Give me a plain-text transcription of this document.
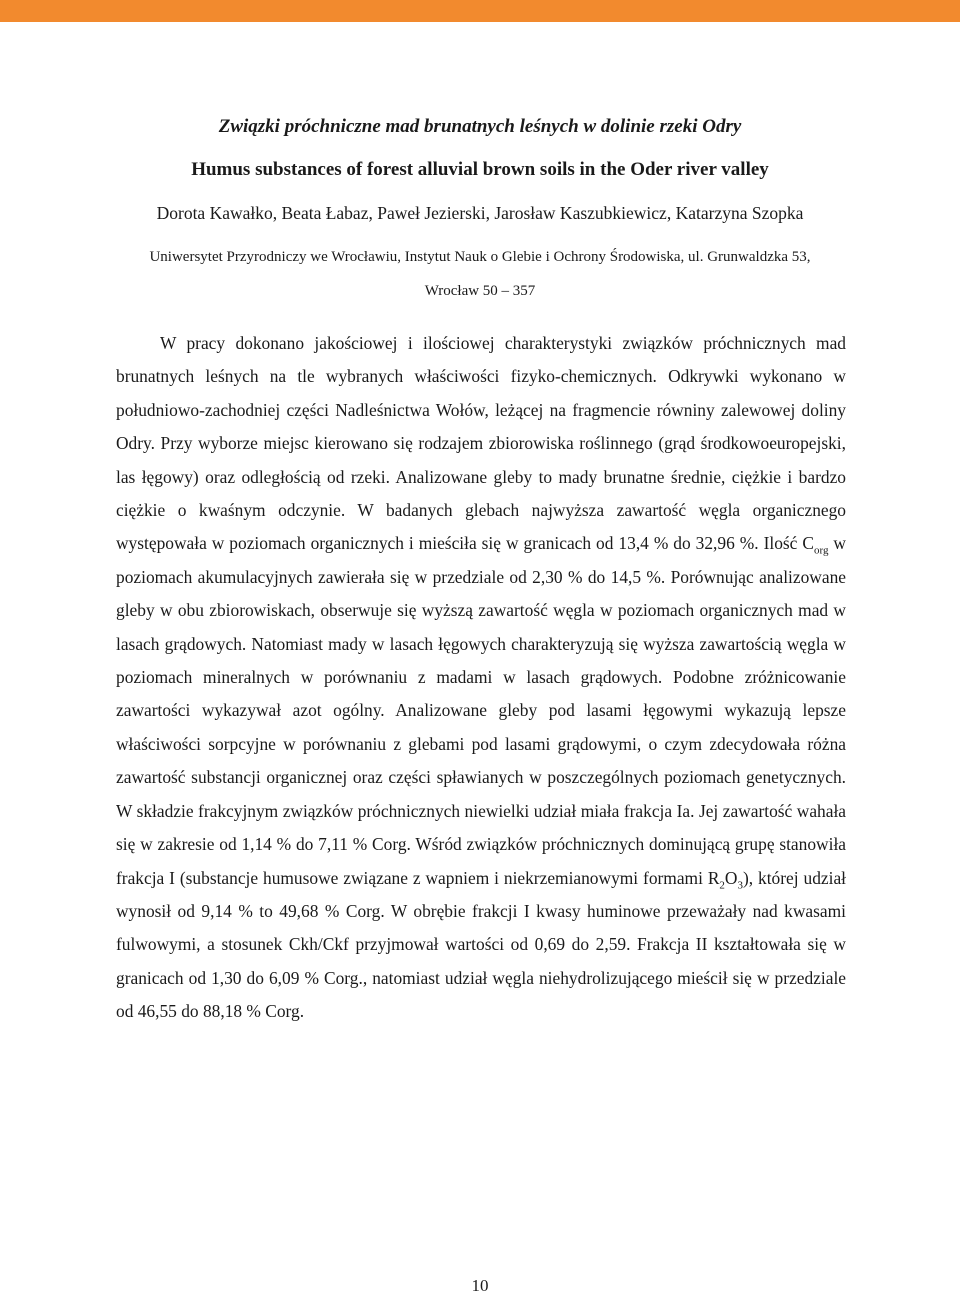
Związki próchniczne mad brunatnych leśnych w dolinie rzeki Odry
Humus substances of forest alluvial brown soils in the Oder river valley
Dorota Kawałko, Beata Łabaz, Paweł Jezierski, Jarosław Kaszubkiewicz, Katarzyna Szopka
Uniwersytet Przyrodniczy we Wrocławiu, Instytut Nauk o Glebie i Ochrony Środowiska, ul. Grunwaldzka 53,
Wrocław 50 – 357

W pracy dokonano jakościowej i ilościowej charakterystyki związków próchnicznych mad brunatnych leśnych na tle wybranych właściwości fizyko-chemicznych. Odkrywki wykonano w południowo-zachodniej części Nadleśnictwa Wołów, leżącej na fragmencie równiny zalewowej doliny Odry. Przy wyborze miejsc kierowano się rodzajem zbiorowiska roślinnego (grąd środkowoeuropejski, las łęgowy) oraz odległością od rzeki. Analizowane gleby to mady brunatne średnie, ciężkie i bardzo ciężkie o kwaśnym odczynie. W badanych glebach najwyższa zawartość węgla organicznego występowała w poziomach organicznych i mieściła się w granicach od 13,4 % do 32,96 %. Ilość $C_{org}$ w poziomach akumulacyjnych zawierała się w przedziale od 2,30 % do 14,5 %. Porównując analizowane gleby w obu zbiorowiskach, obserwuje się wyższą zawartość węgla w poziomach organicznych mad w lasach grądowych. Natomiast mady w lasach łęgowych charakteryzują się wyższa zawartością węgla w poziomach mineralnych w porównaniu z madami w lasach grądowych. Podobne zróżnicowanie zawartości wykazywał azot ogólny. Analizowane gleby pod lasami łęgowymi wykazują lepsze właściwości sorpcyjne w porównaniu z glebami pod lasami grądowymi, o czym zdecydowała różna zawartość substancji organicznej oraz części spławianych w poszczególnych poziomach genetycznych. W składzie frakcyjnym związków próchnicznych niewielki udział miała frakcja Ia. Jej zawartość wahała się w zakresie od 1,14 % do 7,11 % Corg. Wśród związków próchnicznych dominującą grupę stanowiła frakcja I (substancje humusowe związane z wapniem i niekrzemianowymi formami $R_2O_3$), której udział wynosił od 9,14 % to 49,68 % Corg. W obrębie frakcji I kwasy huminowe przeważały nad kwasami fulwowymi, a stosunek Ckh/Ckf przyjmował wartości od 0,69 do 2,59. Frakcja II kształtowała się w granicach od 1,30 do 6,09 % Corg., natomiast udział węgla niehydrolizującego mieścił się w przedziale od 46,55 do 88,18 % Corg.

10
